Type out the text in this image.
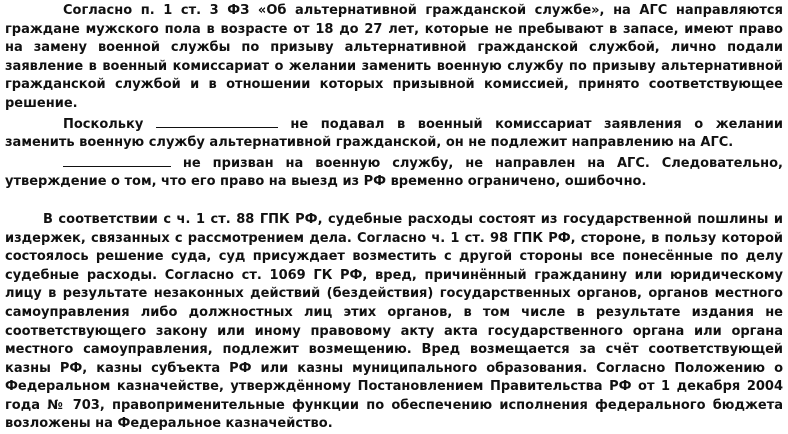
Согласно п. 1 ст. 3 ФЗ «Об альтернативной гражданской службе», на АГС направляются граждане мужского пола в возрасте от 18 до 27 лет, которые не пребывают в запасе, имеют право на замену военной службы по призыву альтернативной гражданской службой, лично подали заявление в военный комиссариат о желании заменить военную службу по призыву альтернативной гражданской службой и в отношении которых призывной комиссией, принято соответствующее решение.

Поскольку	не подавал в военный комиссариат заявления о желании заменить военную службу альтернативной гражданской, он не подлежит направлению на АГС.

не призван на военную службу, не направлен на АГС. Следовательно, утверждение о том, что его право на выезд из РФ временно ограничено, ошибочно.

В соответствии с ч. 1 ст. 88 ГПК РФ, судебные расходы состоят из государственной пошлины и издержек, связанных с рассмотрением дела. Согласно ч. 1 ст. 98 ГПК РФ, стороне, в пользу которой состоялось решение суда, суд присуждает возместить с другой стороны все понесённые по делу судебные расходы. Согласно ст. 1069 ГК РФ, вред, причинённый гражданину или юридическому лицу в результате незаконных действий (бездействия) государственных органов, органов местного самоуправления либо должностных лиц этих органов, в том числе в результате издания не соответствующего закону или иному правовому акту акта государственного органа или органа местного самоуправления, подлежит возмещению. Вред возмещается за счёт соответствующей казны РФ, казны субъекта РФ или казны муниципального образования. Согласно Положению о Федеральном казначействе, утверждённому Постановлением Правительства РФ от 1 декабря 2004 года № 703, правоприменительные функции по обеспечению исполнения федерального бюджета возложены на Федеральное казначейство.
